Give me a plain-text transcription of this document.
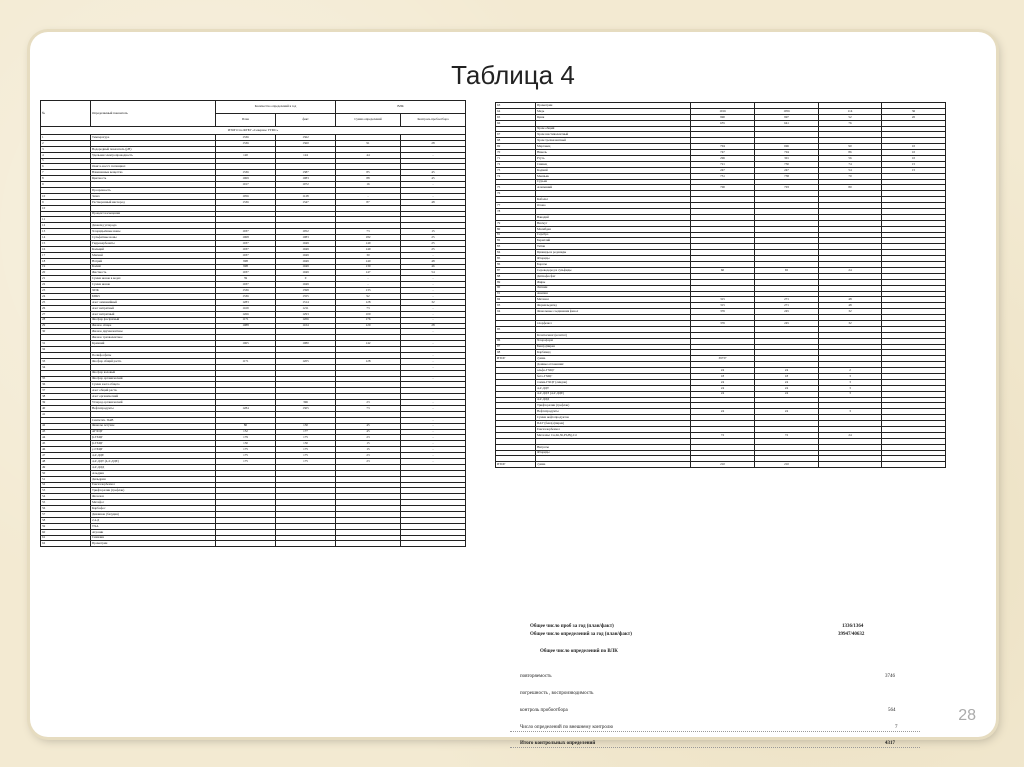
Таблица 4
№	Определяемый показатель	Количество определений в год		ВЛК	
		План	факт	Сумма определений	Контроль пробоотбора
ИТОГО по ФГБУ «Северное УГМС»					
1	Температура	1336	1362		
2		1336	1360	91	28
3	Водородный показатель (pH)				
4	Удельная электропроводность	120	124	44	-
5					
6	Окисл.-восст. потенциал				
7	Взвешенные вещества	1336	1387	85	45
8	Цветность	1069	1083	88	45
9		1017	1072	16	-
	Прозрачность				
10	Запах	1056	1128	-	-
9	Растворенный кислород	1336	1347	87	48
10					
	Процент насыщения				
11					
12	Диоксид углерода				
13	Хлориды/иные ионы	1037	1052	73	15
14	Сульфатные ионы	1068	1083	182	25
15	Гидрокарбонаты	1037	1049	149	25
16	Кальций	1037	1049	149	25
17	Магний	1037	1049	30	-
18	Натрий	998	1049	140	48
19	Калий	998	1049	130	46
20	Жесткость	1037	1049	147	54
21	Сумма ионов в водах	39	0	-	-
22	Сумма ионов	1037	1049	-	-
23	ХПК	1336	1398	133	-
24	БПК5	1336	1355	92	-
25	Азот аммонийный	1283	1314	128	32
26	Азот нитратный	1169	1211	73	-
27	Азот нитритный	1266	1293	100	-
28	Фосфор фосфатный	1171	1206	176	-
29	Железо общее	1088	1104	120	28
30	Железо двухвалентное				-
	Железо трехвалентное				
31	Кремний	1065	1080	142	-
32					
	Полифосфаты				-
33	Фосфор общий раств.	1171	1205	128	-
34					-
	Фосфор валовый				
35	Фосфор органический				-
36	Сумма азота общего				
37	Азот общий раств.				
38	Азот органический				
39	Углерод органический		396	23	-
40	Нефтепродукты	1284	1305	73	-
41					
	Синтетич. ПАВ				-
42	Фенолы летучие	80	130	45	-
43	ΑΓΧЦΓ	152	177	45	-
44	β-ГХЦГ	179	175	23	-
45	β-ГХЦГ	130	130	15	-
46	γ-ГХЦГ	175	175	15	-
47	4,4'-ДДЕ	175	175	23	-
48	4,4'-ДДТ (4,4'-ДДЕ)	175	175	23	-
49	4,4'-ДДД				
50	Альдрин				
51	Дильдрин				
52	Гексахлорбензол				
53	Трифторалин (трефлан)				
54	Фозалон				
55	Метафос				
56	Карбофос				
57	Диазинон (базудин)				
58	2,4-Д				
59	ТХА				
60	Атразин				
61	Симазин				
62	Прометрин				
63	Прометрин				
64	Медь	1016	1056	114	36
65	Цинк	990	997	52	20
66		655	641	76	
	Хром общий				
67	Хром шестивалентный				
68	Хром трехвалентный				
69	Марганец	704	696	90	10
70	Никель	747	704	86	10
71	Ртуть	296	301	56	10
72	Свинец	721	730	74	15
73	Кадмий	247	247	54	15
74	Мышьяк	731	738	70	
	Сурьма				
75	Алюминий	700	703	80	
76					
	Кобальт				
77	Олово				
78					
	Ванадий				
79	Висмут				
80	Молибден				
81	Серебро				
82	Бериллий				
83	Титан				
84	Цианиды и роданиды				
85	Фториды				
86	Бораты				
87	Сероводород и сульфиды	60	65	24	
88	Дитиофосфат				
89	Жиры				
90	Лигнин				
91	Анилин				
92	Метанол	315	271	48	
93	Формальдегид	315	271	48	
94	Фенольные соединения фенол	376	245	32	

	хлорфенол	376	245	32	
95					
	Ксантогенат (ксантат)				
96	Хлороформ				
97	Бенз(а)пирен				
98	Карбамид				
ИТОГ	сумма	39737			
	Донные отложения:				
	альфа-ГХЦГ	24	24	2	
	бета-ГХЦГ	18	18	3	
	гамма-ГХЦГ (линдан)	24	24	3	
	4,4'-ДДТ	24	24	3	
	4,4'-ДДЭ (4,4'-ДДЕ)	24	24	3	
	4,4'-ДДД				
	Трифторалин (трефлан)				
	Нефтепродукты	24	24	3	
	Сумма нефтепродуктов				
	ПАУ (бенз(а)пирен)				
	Гексахлорбензол				
	Металлы: Cu,Zn,Ni,Pb,Hg,Cd	72	72	24	

	Нитраты				
	Фториды				

ИТОГ	сумма	210	210		
Общее число проб за год (план/факт)	1336/1364
Общее число определений за год (план/факт)	39947/40632
Общее число определений по ВЛК
повторяемость	3746
погрешность , воспроизводимость
контроль пробоотбора	564
Число определений по внешнему контролю	7
Итого контрольных определений	4317
28
